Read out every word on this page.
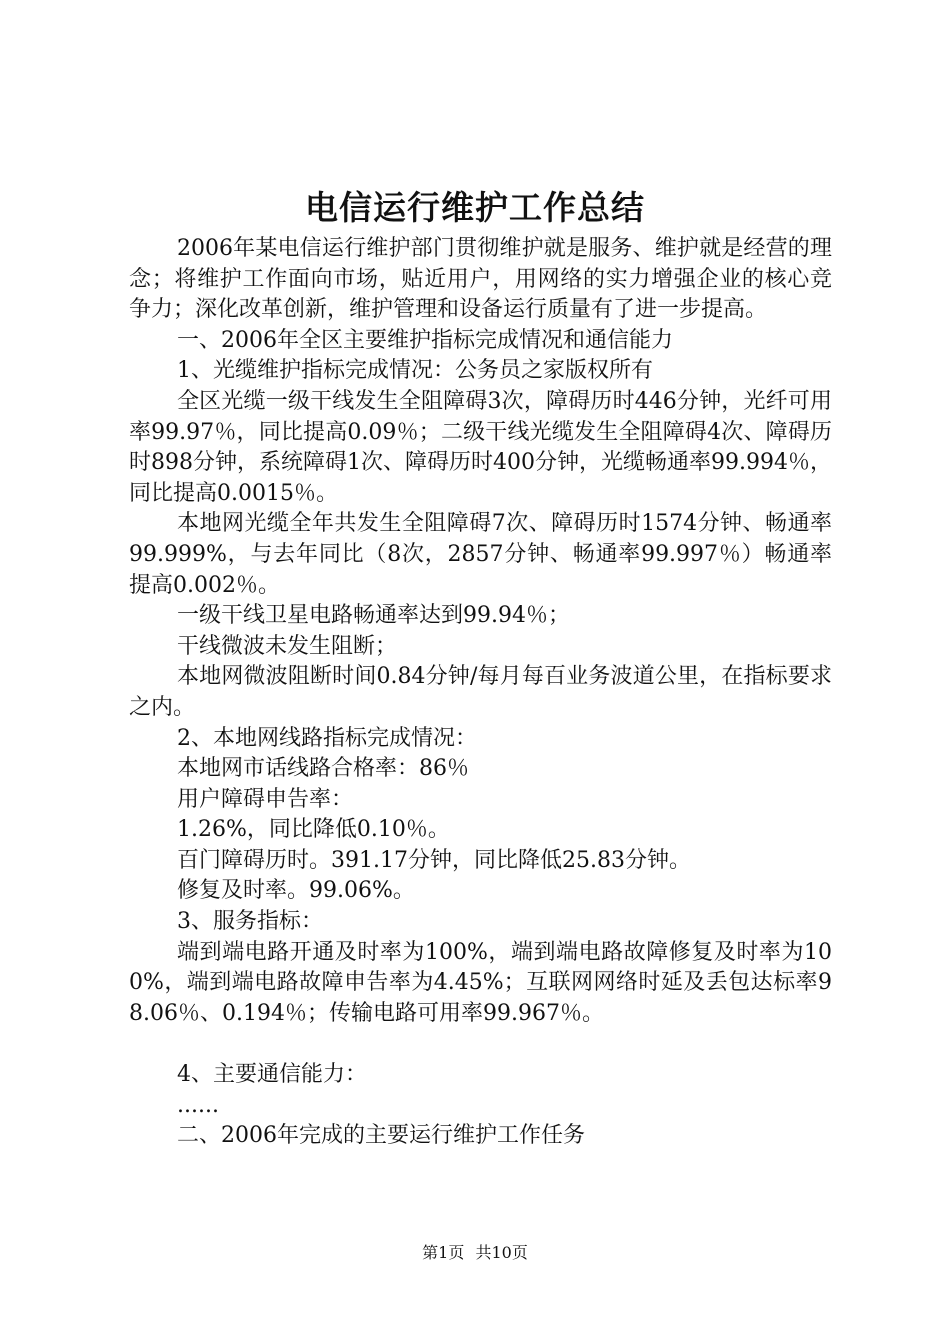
电信运行维护工作总结

2006年某电信运行维护部门贯彻维护就是服务、维护就是经营的理念；将维护工作面向市场，贴近用户，用网络的实力增强企业的核心竞争力；深化改革创新，维护管理和设备运行质量有了进一步提高。

一、2006年全区主要维护指标完成情况和通信能力

1、光缆维护指标完成情况：公务员之家版权所有

全区光缆一级干线发生全阻障碍3次，障碍历时446分钟，光纤可用率99.97％，同比提高0.09％；二级干线光缆发生全阻障碍4次、障碍历时898分钟，系统障碍1次、障碍历时400分钟，光缆畅通率99.994％，同比提高0.0015％。

本地网光缆全年共发生全阻障碍7次、障碍历时1574分钟、畅通率99.999%，与去年同比（8次，2857分钟、畅通率99.997％）畅通率提高0.002％。

一级干线卫星电路畅通率达到99.94％；

干线微波未发生阻断；

本地网微波阻断时间0.84分钟/每月每百业务波道公里，在指标要求之内。

2、本地网线路指标完成情况：

本地网市话线路合格率：86％

用户障碍申告率：

1.26%，同比降低0.10％。

百门障碍历时。391.17分钟，同比降低25.83分钟。

修复及时率。99.06%。

3、服务指标：

端到端电路开通及时率为100%，端到端电路故障修复及时率为100%，端到端电路故障申告率为4.45%；互联网网络时延及丢包达标率98.06％、0.194％；传输电路可用率99.967％。

4、主要通信能力：

......

二、2006年完成的主要运行维护工作任务

第1页 共10页
